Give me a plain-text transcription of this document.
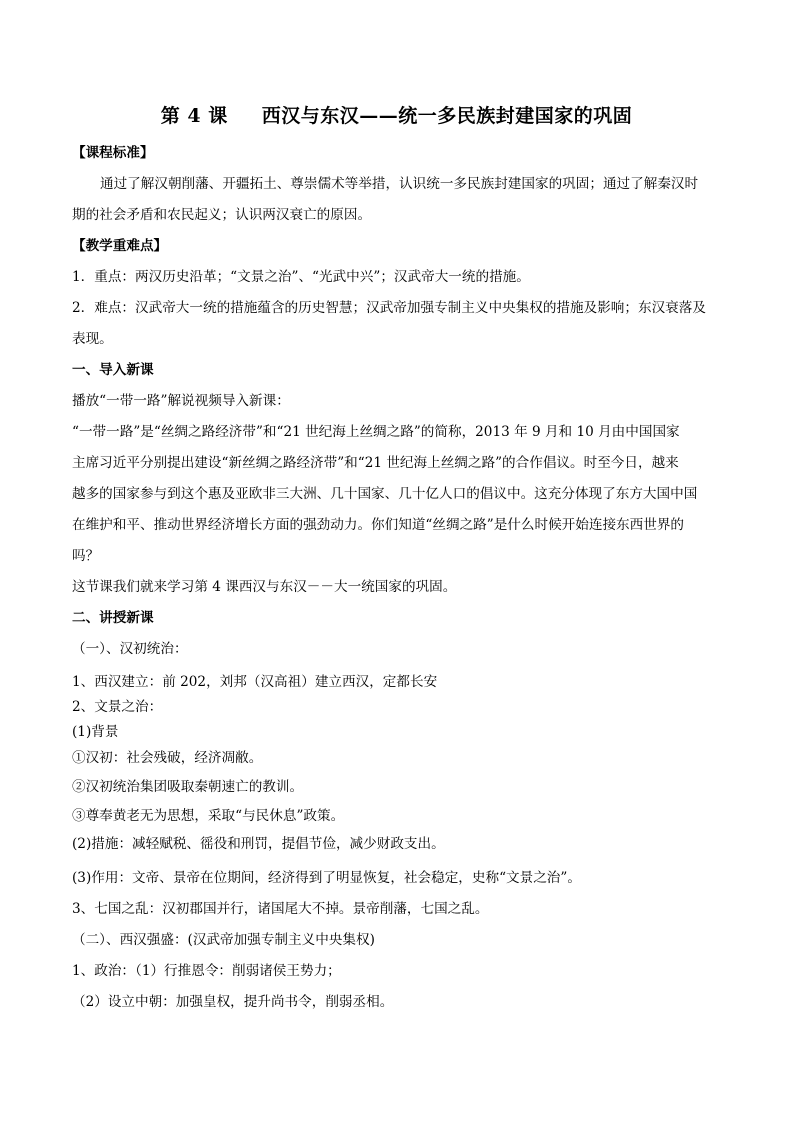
第 4 课 西汉与东汉——统一多民族封建国家的巩固
【课程标准】
通过了解汉朝削藩、开疆拓土、尊崇儒术等举措，认识统一多民族封建国家的巩固；通过了解秦汉时
期的社会矛盾和农民起义；认识两汉衰亡的原因。
【教学重难点】
1．重点：两汉历史沿革；“文景之治”、“光武中兴”；汉武帝大一统的措施。
2．难点：汉武帝大一统的措施蕴含的历史智慧；汉武帝加强专制主义中央集权的措施及影响；东汉衰落及
表现。
一、导入新课
播放“一带一路”解说视频导入新课：
“一带一路”是“丝绸之路经济带”和“21 世纪海上丝绸之路”的简称，2013 年 9 月和 10 月由中国国家
主席习近平分别提出建设“新丝绸之路经济带”和“21 世纪海上丝绸之路”的合作倡议。时至今日，越来
越多的国家参与到这个惠及亚欧非三大洲、几十国家、几十亿人口的倡议中。这充分体现了东方大国中国
在维护和平、推动世界经济增长方面的强劲动力。你们知道“丝绸之路”是什么时候开始连接东西世界的
吗？
这节课我们就来学习第 4 课西汉与东汉－－大一统国家的巩固。
二、讲授新课
（一）、汉初统治：
1、西汉建立：前 202，刘邦（汉高祖）建立西汉，定都长安
2、文景之治：
(1)背景
①汉初：社会残破，经济凋敝。
②汉初统治集团吸取秦朝速亡的教训。
③尊奉黄老无为思想，采取“与民休息”政策。
(2)措施：减轻赋税、徭役和刑罚，提倡节俭，减少财政支出。
(3)作用：文帝、景帝在位期间，经济得到了明显恢复，社会稳定，史称“文景之治”。
3、七国之乱：汉初郡国并行，诸国尾大不掉。景帝削藩，七国之乱。
（二）、西汉强盛：(汉武帝加强专制主义中央集权)
1、政治：（1）行推恩令：削弱诸侯王势力；
（2）设立中朝：加强皇权，提升尚书令，削弱丞相。
